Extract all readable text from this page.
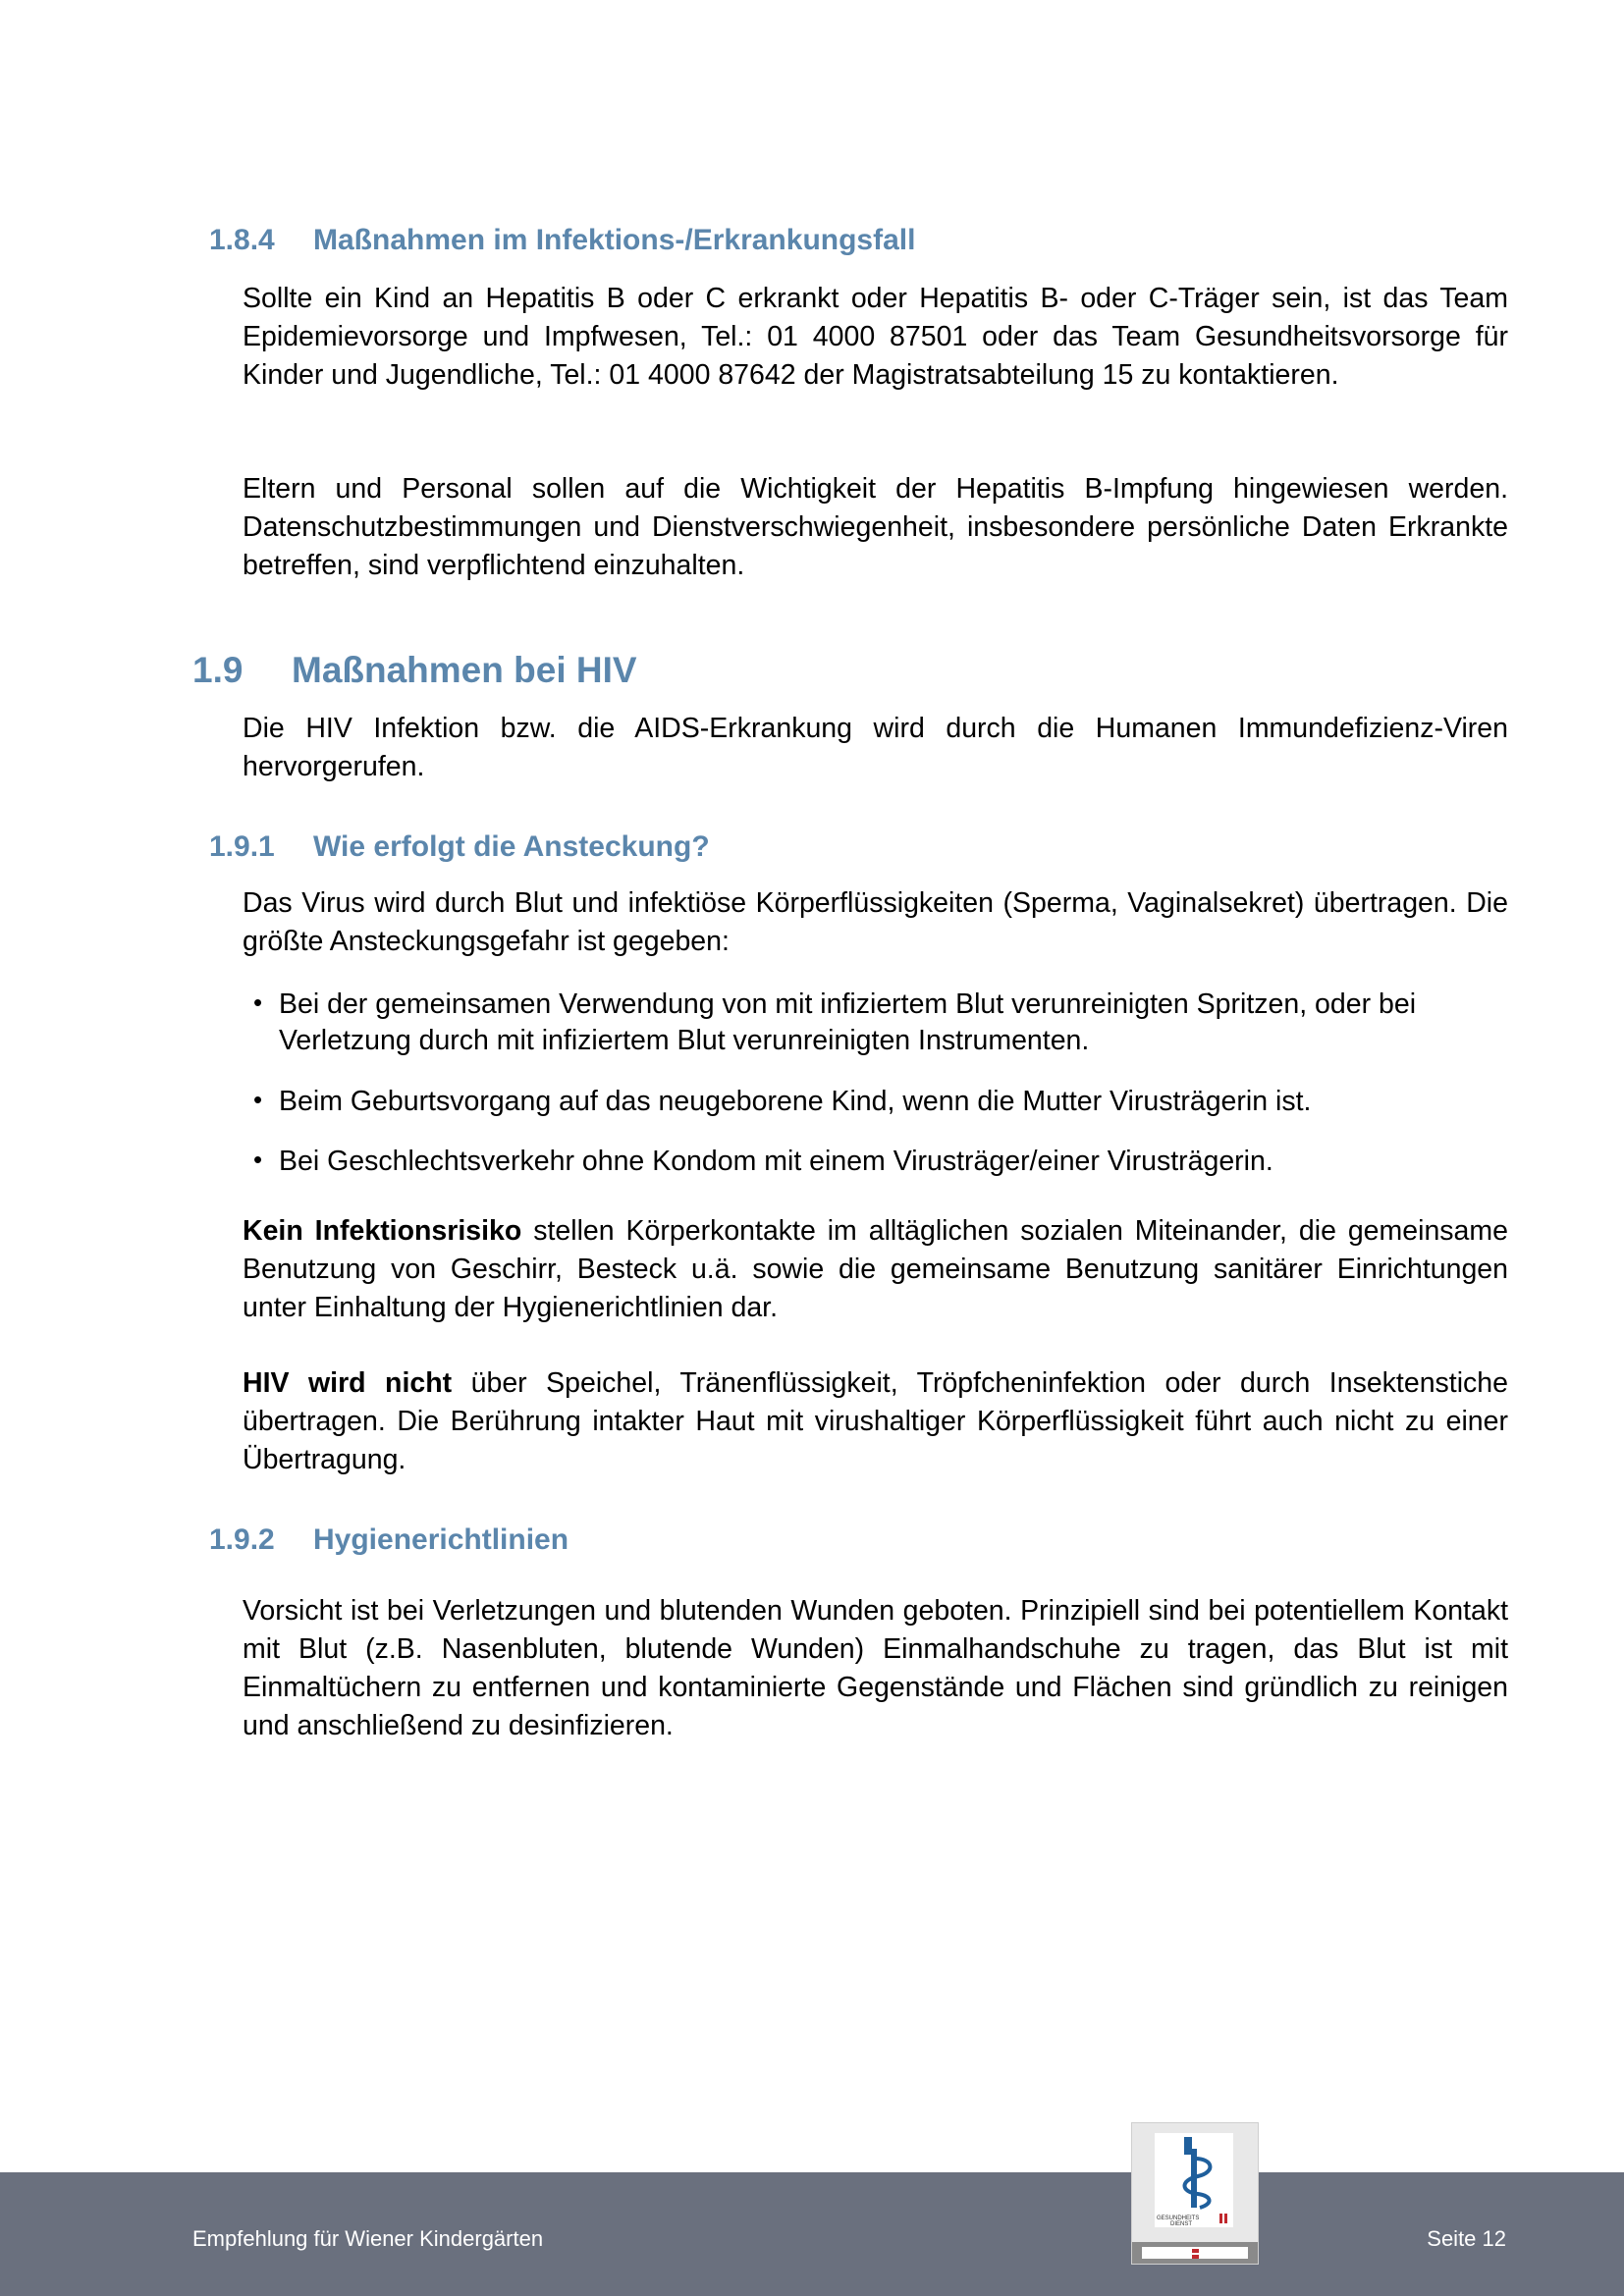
1.8.4 Maßnahmen im Infektions-/Erkrankungsfall

Sollte ein Kind an Hepatitis B oder C erkrankt oder Hepatitis B- oder C-Träger sein, ist das Team Epidemievorsorge und Impfwesen, Tel.: 01 4000 87501 oder das Team Gesundheitsvorsorge für Kinder und Jugendliche, Tel.: 01 4000 87642 der Magistratsabteilung 15 zu kontaktieren.

Eltern und Personal sollen auf die Wichtigkeit der Hepatitis B-Impfung hingewiesen werden. Datenschutzbestimmungen und Dienstverschwiegenheit, insbesondere persönliche Daten Erkrankte betreffen, sind verpflichtend einzuhalten.

1.9 Maßnahmen bei HIV

Die HIV Infektion bzw. die AIDS-Erkrankung wird durch die Humanen Immundefizienz-Viren hervorgerufen.

1.9.1 Wie erfolgt die Ansteckung?

Das Virus wird durch Blut und infektiöse Körperflüssigkeiten (Sperma, Vaginalsekret) übertragen. Die größte Ansteckungsgefahr ist gegeben:

• Bei der gemeinsamen Verwendung von mit infiziertem Blut verunreinigten Spritzen, oder bei Verletzung durch mit infiziertem Blut verunreinigten Instrumenten.
• Beim Geburtsvorgang auf das neugeborene Kind, wenn die Mutter Virusträgerin ist.
• Bei Geschlechtsverkehr ohne Kondom mit einem Virusträger/einer Virusträgerin.

Kein Infektionsrisiko stellen Körperkontakte im alltäglichen sozialen Miteinander, die gemeinsame Benutzung von Geschirr, Besteck u.ä. sowie die gemeinsame Benutzung sanitärer Einrichtungen unter Einhaltung der Hygienerichtlinien dar.

HIV wird nicht über Speichel, Tränenflüssigkeit, Tröpfcheninfektion oder durch Insektenstiche übertragen. Die Berührung intakter Haut mit virushaltiger Körperflüssigkeit führt auch nicht zu einer Übertragung.

1.9.2 Hygienerichtlinien

Vorsicht ist bei Verletzungen und blutenden Wunden geboten. Prinzipiell sind bei potentiellem Kontakt mit Blut (z.B. Nasenbluten, blutende Wunden) Einmalhandschuhe zu tragen, das Blut ist mit Einmaltüchern zu entfernen und kontaminierte Gegenstände und Flächen sind gründlich zu reinigen und anschließend zu desinfizieren.

Empfehlung für Wiener Kindergärten	Seite 12

GESUNDHEITS
DIENST
